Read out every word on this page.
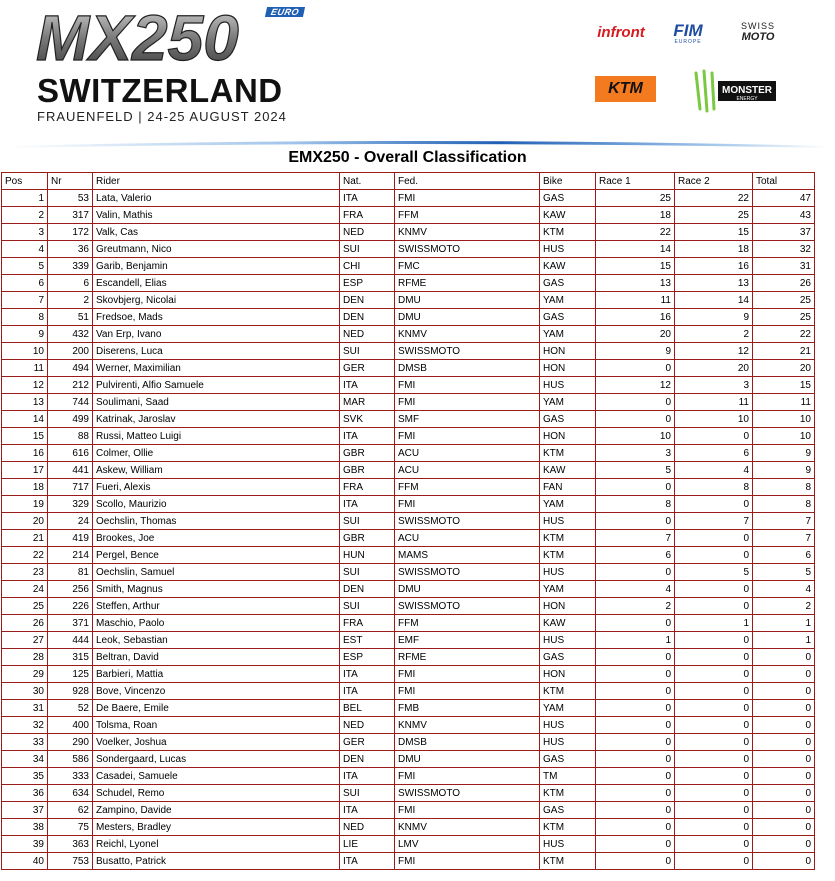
MX250	EURO
SWITZERLAND
FRAUENFELD | 24-25 AUGUST 2024
infront	FIM
EUROPE
SWISS
MOTO
KTM	MONSTER
ENERGY
EMX250 - Overall Classification
Pos	Nr	Rider	Nat.	Fed.	Bike	Race 1	Race 2	Total
1	53	Lata, Valerio	ITA	FMI	GAS	25	22	47
2	317	Valin, Mathis	FRA	FFM	KAW	18	25	43
3	172	Valk, Cas	NED	KNMV	KTM	22	15	37
4	36	Greutmann, Nico	SUI	SWISSMOTO	HUS	14	18	32
5	339	Garib, Benjamin	CHI	FMC	KAW	15	16	31
6	6	Escandell, Elias	ESP	RFME	GAS	13	13	26
7	2	Skovbjerg, Nicolai	DEN	DMU	YAM	11	14	25
8	51	Fredsoe, Mads	DEN	DMU	GAS	16	9	25
9	432	Van Erp, Ivano	NED	KNMV	YAM	20	2	22
10	200	Diserens, Luca	SUI	SWISSMOTO	HON	9	12	21
11	494	Werner, Maximilian	GER	DMSB	HON	0	20	20
12	212	Pulvirenti, Alfio Samuele	ITA	FMI	HUS	12	3	15
13	744	Soulimani, Saad	MAR	FMI	YAM	0	11	11
14	499	Katrinak, Jaroslav	SVK	SMF	GAS	0	10	10
15	88	Russi, Matteo Luigi	ITA	FMI	HON	10	0	10
16	616	Colmer, Ollie	GBR	ACU	KTM	3	6	9
17	441	Askew, William	GBR	ACU	KAW	5	4	9
18	717	Fueri, Alexis	FRA	FFM	FAN	0	8	8
19	329	Scollo, Maurizio	ITA	FMI	YAM	8	0	8
20	24	Oechslin, Thomas	SUI	SWISSMOTO	HUS	0	7	7
21	419	Brookes, Joe	GBR	ACU	KTM	7	0	7
22	214	Pergel, Bence	HUN	MAMS	KTM	6	0	6
23	81	Oechslin, Samuel	SUI	SWISSMOTO	HUS	0	5	5
24	256	Smith, Magnus	DEN	DMU	YAM	4	0	4
25	226	Steffen, Arthur	SUI	SWISSMOTO	HON	2	0	2
26	371	Maschio, Paolo	FRA	FFM	KAW	0	1	1
27	444	Leok, Sebastian	EST	EMF	HUS	1	0	1
28	315	Beltran, David	ESP	RFME	GAS	0	0	0
29	125	Barbieri, Mattia	ITA	FMI	HON	0	0	0
30	928	Bove, Vincenzo	ITA	FMI	KTM	0	0	0
31	52	De Baere, Emile	BEL	FMB	YAM	0	0	0
32	400	Tolsma, Roan	NED	KNMV	HUS	0	0	0
33	290	Voelker, Joshua	GER	DMSB	HUS	0	0	0
34	586	Sondergaard, Lucas	DEN	DMU	GAS	0	0	0
35	333	Casadei, Samuele	ITA	FMI	TM	0	0	0
36	634	Schudel, Remo	SUI	SWISSMOTO	KTM	0	0	0
37	62	Zampino, Davide	ITA	FMI	GAS	0	0	0
38	75	Mesters, Bradley	NED	KNMV	KTM	0	0	0
39	363	Reichl, Lyonel	LIE	LMV	HUS	0	0	0
40	753	Busatto, Patrick	ITA	FMI	KTM	0	0	0
